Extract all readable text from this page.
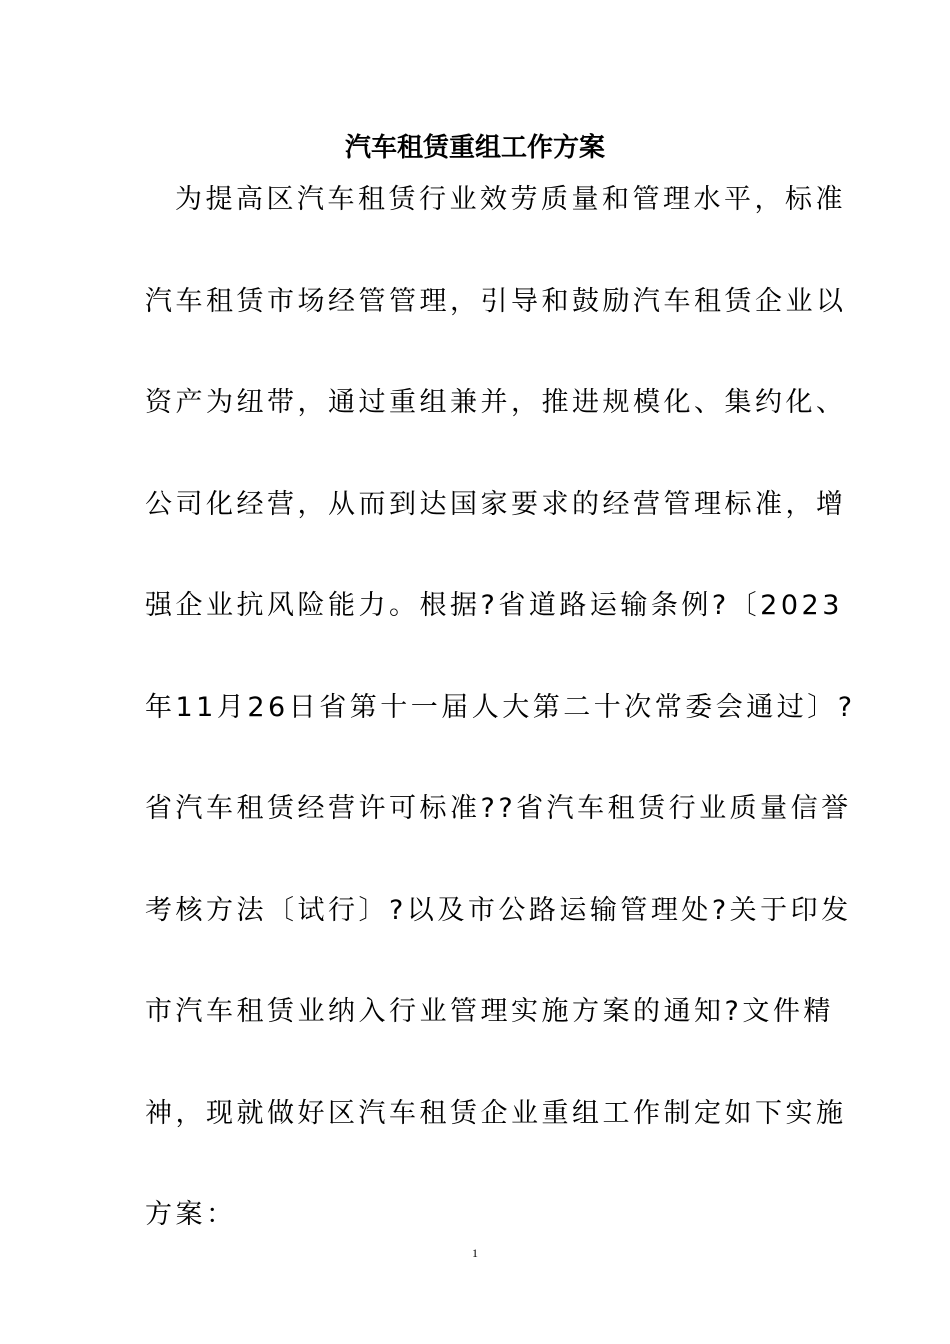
汽车租赁重组工作方案
为提高区汽车租赁行业效劳质量和管理水平，标准
汽车租赁市场经管管理，引导和鼓励汽车租赁企业以
资产为纽带，通过重组兼并，推进规模化、集约化、
公司化经营，从而到达国家要求的经营管理标准，增
强企业抗风险能力。根据?省道路运输条例?〔2023
年11月26日省第十一届人大第二十次常委会通过〕?
省汽车租赁经营许可标准??省汽车租赁行业质量信誉
考核方法〔试行〕?以及市公路运输管理处?关于印发
市汽车租赁业纳入行业管理实施方案的通知?文件精
神，现就做好区汽车租赁企业重组工作制定如下实施
方案：
1
